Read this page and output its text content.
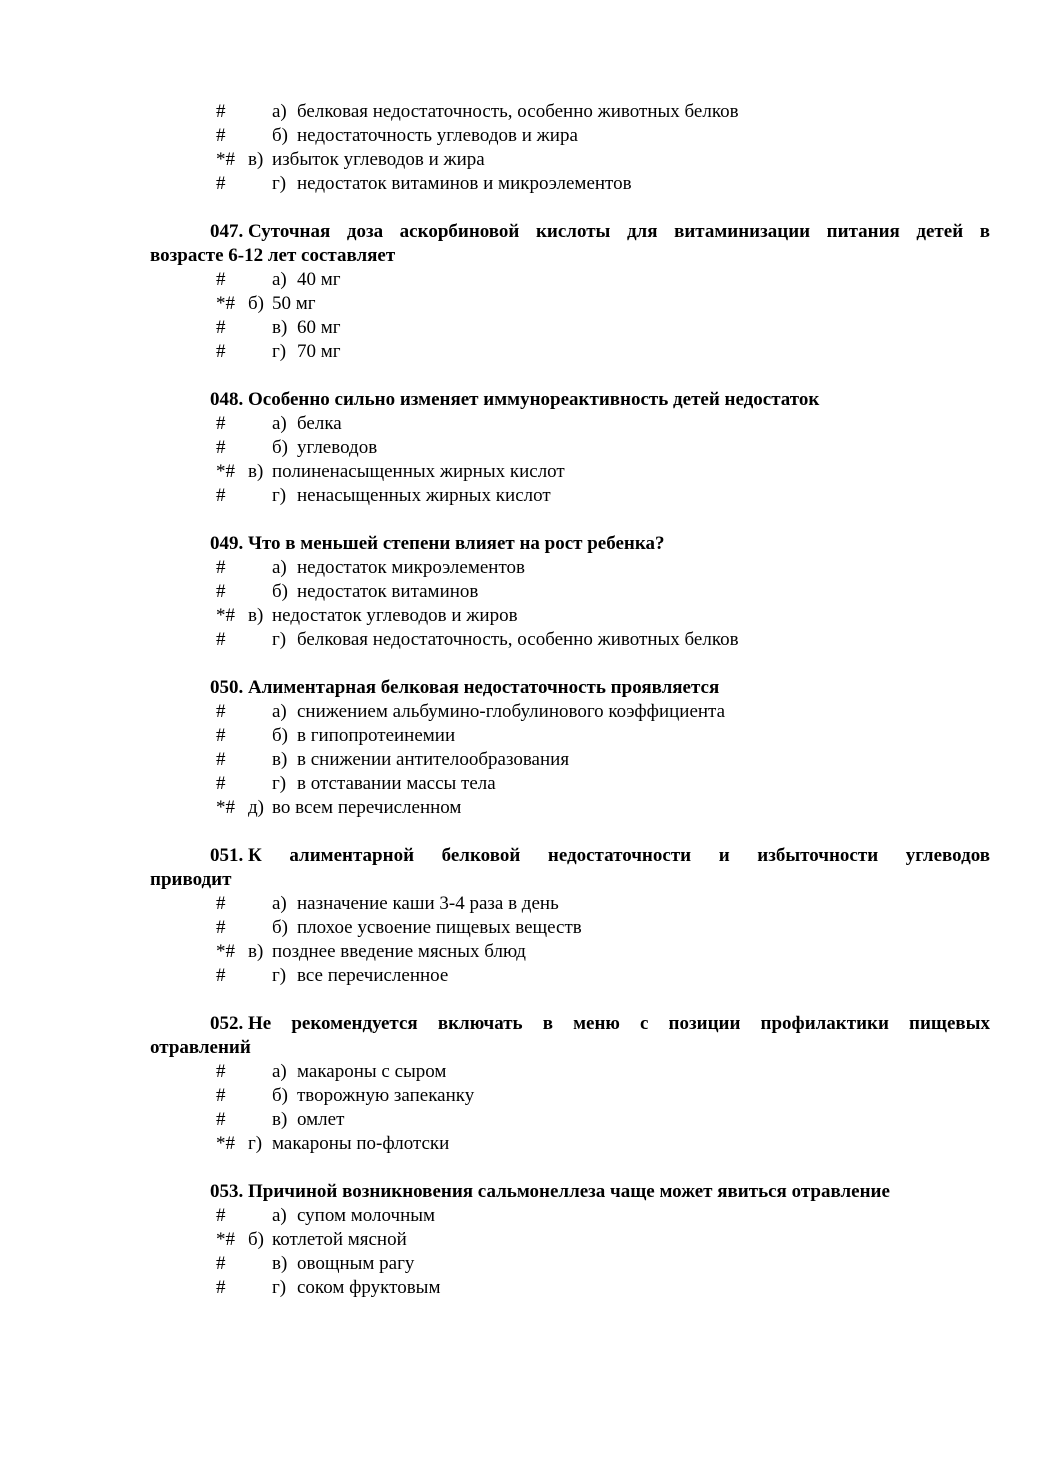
# а) белковая недостаточность, особенно животных белков
# б) недостаточность углеводов и жира
*# в) избыток углеводов и жира
# г) недостаток витаминов и микроэлементов
047. Суточная доза аскорбиновой кислоты для витаминизации питания детей в
возрасте 6-12 лет составляет
# а) 40 мг
*# б) 50 мг
# в) 60 мг
# г) 70 мг
048. Особенно сильно изменяет иммунореактивность детей недостаток
# а) белка
# б) углеводов
*# в) полиненасыщенных жирных кислот
# г) ненасыщенных жирных кислот
049. Что в меньшей степени влияет на рост ребенка?
# а) недостаток микроэлементов
# б) недостаток витаминов
*# в) недостаток углеводов и жиров
# г) белковая недостаточность, особенно животных белков
050. Алиментарная белковая недостаточность проявляется
# а) снижением альбумино-глобулинового коэффициента
# б) в гипопротеинемии
# в) в снижении антителообразования
# г) в отставании массы тела
*# д) во всем перечисленном
051. К алиментарной белковой недостаточности и избыточности углеводов
приводит
# а) назначение каши 3-4 раза в день
# б) плохое усвоение пищевых веществ
*# в) позднее введение мясных блюд
# г) все перечисленное
052. Не рекомендуется включать в меню с позиции профилактики пищевых
отравлений
# а) макароны с сыром
# б) творожную запеканку
# в) омлет
*# г) макароны по-флотски
053. Причиной возникновения сальмонеллеза чаще может явиться отравление
# а) супом молочным
*# б) котлетой мясной
# в) овощным рагу
# г) соком фруктовым
